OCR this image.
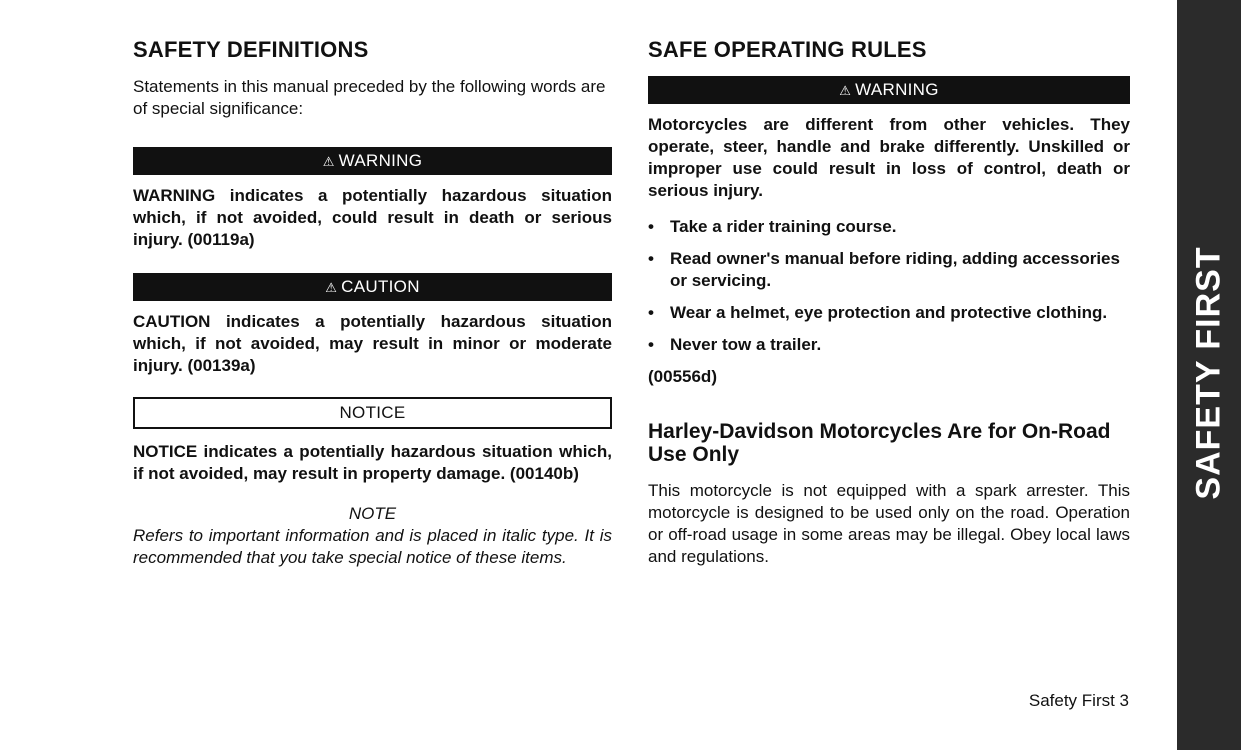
SAFETY DEFINITIONS

Statements in this manual preceded by the following words are of special significance:

⚠ WARNING

WARNING indicates a potentially hazardous situation which, if not avoided, could result in death or serious injury. (00119a)

⚠ CAUTION

CAUTION indicates a potentially hazardous situation which, if not avoided, may result in minor or moderate injury. (00139a)

NOTICE

NOTICE indicates a potentially hazardous situation which, if not avoided, may result in property damage. (00140b)

NOTE

Refers to important information and is placed in italic type. It is recommended that you take special notice of these items.

SAFE OPERATING RULES
⚠ WARNING

Motorcycles are different from other vehicles. They operate, steer, handle and brake differently. Unskilled or improper use could result in loss of control, death or serious injury.

• Take a rider training course.
• Read owner's manual before riding, adding accessories or servicing.
• Wear a helmet, eye protection and protective clothing.
• Never tow a trailer.

(00556d)

Harley-Davidson Motorcycles Are for On-Road Use Only

This motorcycle is not equipped with a spark arrester. This motorcycle is designed to be used only on the road. Operation or off-road usage in some areas may be illegal. Obey local laws and regulations.

Safety First 3
SAFETY FIRST
